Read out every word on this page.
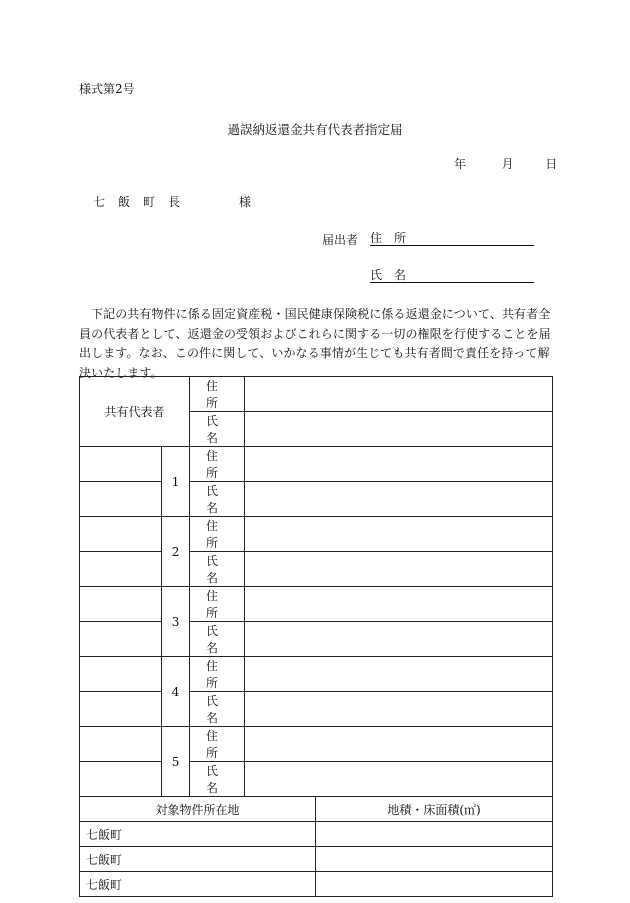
様式第2号
過誤納返還金共有代表者指定届
年	月	日
七飯町長	様
届出者 住所
氏名
下記の共有物件に係る固定資産税・国民健康保険税に係る返還金について、共有者全員の代表者として、返還金の受領およびこれらに関する一切の権限を行使することを届出します。なお、この件に関して、いかなる事情が生じても共有者間で責任を持って解決いたします。
共有代表者		住所		
		氏名		
	1	住所		
		氏名		
	2	住所		
		氏名		
	3	住所		
		氏名		
	4	住所		
		氏名		
	5	住所		
		氏名		
対象物件所在地				地積・床面積(㎡)
七飯町				
七飯町				
七飯町				
